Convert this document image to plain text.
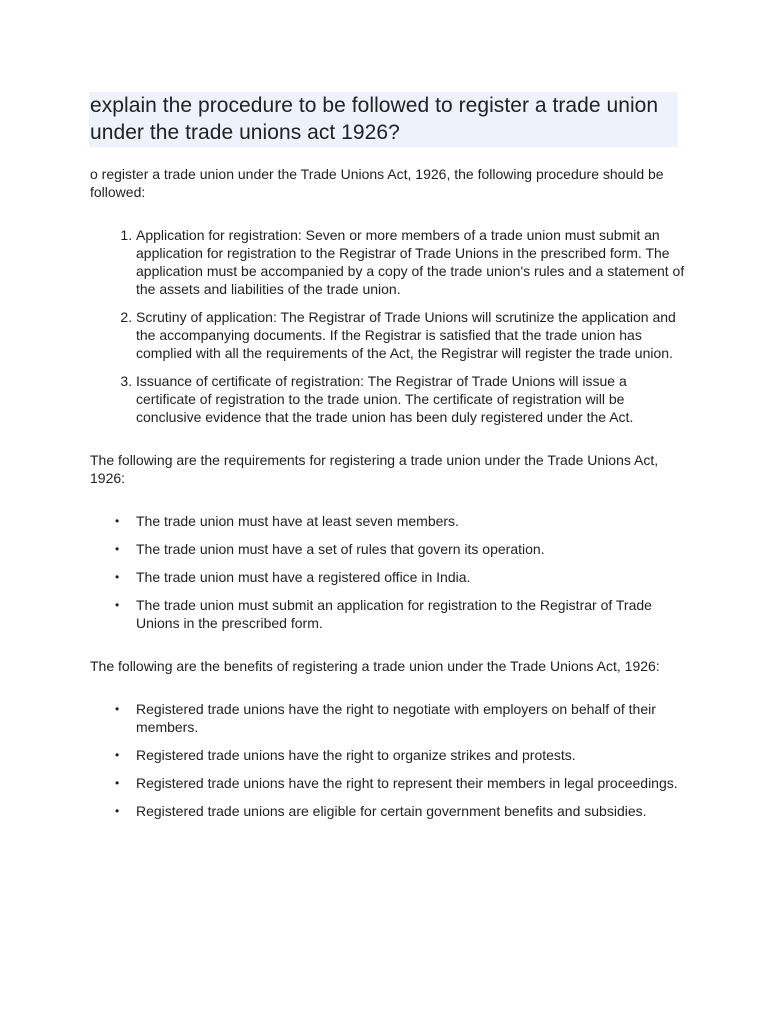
explain the procedure to be followed to register a trade union under the trade unions act 1926?

o register a trade union under the Trade Unions Act, 1926, the following procedure should be followed:

1. Application for registration: Seven or more members of a trade union must submit an application for registration to the Registrar of Trade Unions in the prescribed form. The application must be accompanied by a copy of the trade union's rules and a statement of the assets and liabilities of the trade union.
2. Scrutiny of application: The Registrar of Trade Unions will scrutinize the application and the accompanying documents. If the Registrar is satisfied that the trade union has complied with all the requirements of the Act, the Registrar will register the trade union.
3. Issuance of certificate of registration: The Registrar of Trade Unions will issue a certificate of registration to the trade union. The certificate of registration will be conclusive evidence that the trade union has been duly registered under the Act.

The following are the requirements for registering a trade union under the Trade Unions Act, 1926:

• The trade union must have at least seven members.
• The trade union must have a set of rules that govern its operation.
• The trade union must have a registered office in India.
• The trade union must submit an application for registration to the Registrar of Trade Unions in the prescribed form.

The following are the benefits of registering a trade union under the Trade Unions Act, 1926:

• Registered trade unions have the right to negotiate with employers on behalf of their members.
• Registered trade unions have the right to organize strikes and protests.
• Registered trade unions have the right to represent their members in legal proceedings.
• Registered trade unions are eligible for certain government benefits and subsidies.
